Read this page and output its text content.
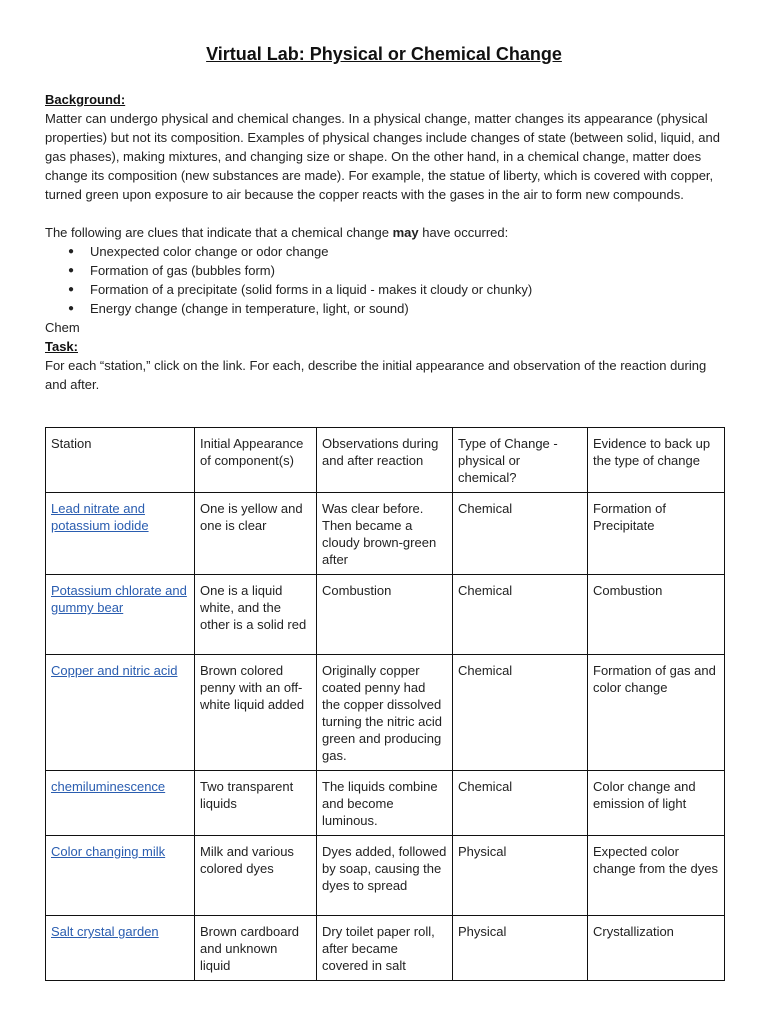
Virtual Lab: Physical or Chemical Change
Background:

Matter can undergo physical and chemical changes. In a physical change, matter changes its appearance (physical properties) but not its composition. Examples of physical changes include changes of state (between solid, liquid, and gas phases), making mixtures, and changing size or shape. On the other hand, in a chemical change, matter does change its composition (new substances are made). For example, the statue of liberty, which is covered with copper, turned green upon exposure to air because the copper reacts with the gases in the air to form new compounds.

The following are clues that indicate that a chemical change may have occurred:

● Unexpected color change or odor change
● Formation of gas (bubbles form)
● Formation of a precipitate (solid forms in a liquid - makes it cloudy or chunky)
● Energy change (change in temperature, light, or sound)

Chem

Task:

For each “station,” click on the link. For each, describe the initial appearance and observation of the reaction during and after.

Station	Initial Appearance of component(s)	Observations during and after reaction	Type of Change - physical or chemical?	Evidence to back up the type of change
Lead nitrate and potassium iodide	One is yellow and one is clear	Was clear before. Then became a cloudy brown-green after	Chemical	Formation of Precipitate
Potassium chlorate and gummy bear	One is a liquid white, and the other is a solid red	Combustion	Chemical	Combustion
Copper and nitric acid	Brown colored penny with an off-white liquid added	Originally copper coated penny had the copper dissolved turning the nitric acid green and producing gas.	Chemical	Formation of gas and color change
chemiluminescence	Two transparent liquids	The liquids combine and become luminous.	Chemical	Color change and emission of light
Color changing milk	Milk and various colored dyes	Dyes added, followed by soap, causing the dyes to spread	Physical	Expected color change from the dyes
Salt crystal garden	Brown cardboard and unknown liquid	Dry toilet paper roll, after became covered in salt	Physical	Crystallization
